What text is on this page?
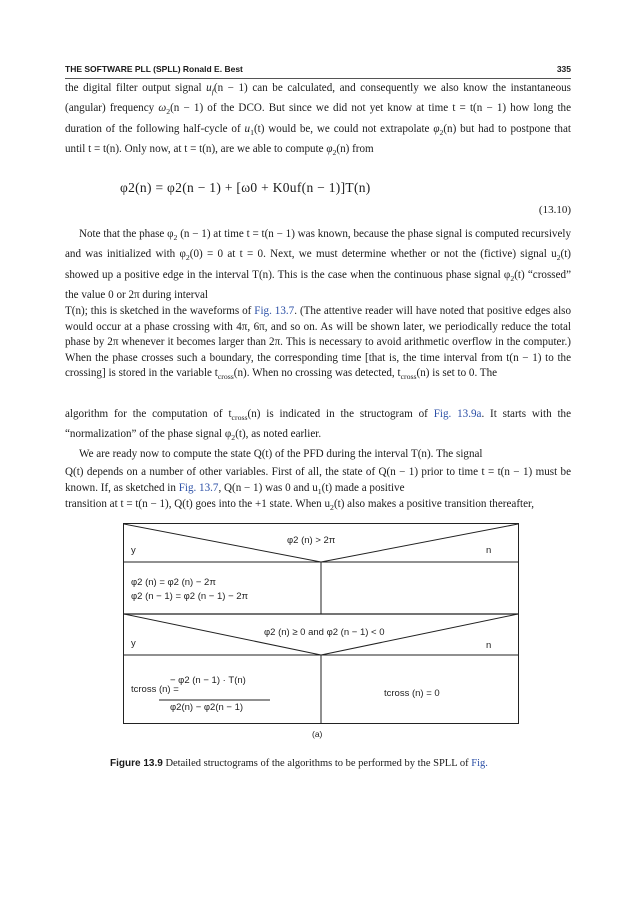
THE SOFTWARE PLL (SPLL) Ronald E. Best	335

the digital filter output signal $u_f(n - 1)$ can be calculated, and consequently we also know the instantaneous (angular) frequency $\omega_2(n - 1)$ of the DCO. But since we did not yet know at time t = t(n − 1) how long the duration of the following half-cycle of $u_1(t)$ would be, we could not extrapolate $\varphi_2(n)$ but had to postpone that until t = t(n). Only now, at t = t(n), are we able to compute $\varphi_2(n)$ from

φ2(n) = φ2(n − 1) + [ω0 + K0uf(n − 1)]T(n)
(13.10)

Note that the phase $\varphi_2$ (n − 1) at time t = t(n − 1) was known, because the phase signal is computed recursively and was initialized with $\varphi_2(0) = 0$ at t = 0. Next, we must determine whether or not the (fictive) signal $u_2(t)$ showed up a positive edge in the interval T(n). This is the case when the continuous phase signal $\varphi_2(t)$ “crossed” the value 0 or 2π during interval

T(n); this is sketched in the waveforms of Fig. 13.7. (The attentive reader will have noted that positive edges also would occur at a phase crossing with 4π, 6π, and so on. As will be shown later, we periodically reduce the total phase by 2π whenever it becomes larger than 2π. This is necessary to avoid arithmetic overflow in the computer.) When the phase crosses such a boundary, the corresponding time [that is, the time interval from t(n − 1) to the crossing] is stored in the variable $t_{cross}(n)$. When no crossing was detected, $t_{cross}(n)$ is set to 0. The

algorithm for the computation of $t_{cross}(n)$ is indicated in the structogram of Fig. 13.9a. It starts with the “normalization” of the phase signal $\varphi_2(t)$, as noted earlier.

We are ready now to compute the state Q(t) of the PFD during the interval T(n). The signal

Q(t) depends on a number of other variables. First of all, the state of Q(n − 1) prior to time t = t(n − 1) must be known. If, as sketched in Fig. 13.7, Q(n − 1) was 0 and $u_1(t)$ made a positive

transition at t = t(n − 1), Q(t) goes into the +1 state. When $u_2(t)$ also makes a positive transition thereafter,

φ2 (n) > 2π
y	n
φ2 (n) = φ2 (n) − 2π
φ2 (n − 1) = φ2 (n − 1) − 2π
φ2 (n) ≥ 0 and φ2 (n − 1) < 0
y	n
tcross (n) =
− φ2 (n − 1) · T(n)
φ2(n) − φ2(n − 1)
tcross (n) = 0
(a)
Figure 13.9 Detailed structograms of the algorithms to be performed by the SPLL of Fig.
